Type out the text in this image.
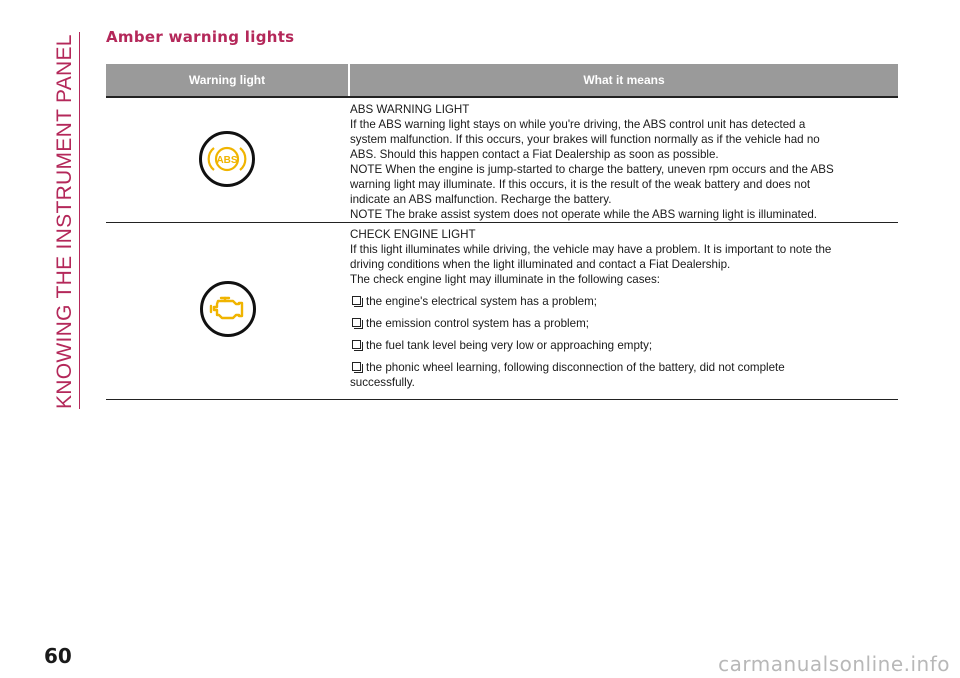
KNOWING THE INSTRUMENT PANEL Amber warning lights
Warning light	What it means
ABS
ABS WARNING LIGHT
If the ABS warning light stays on while you're driving, the ABS control unit has detected a
system malfunction. If this occurs, your brakes will function normally as if the vehicle had no
ABS. Should this happen contact a Fiat Dealership as soon as possible.
NOTE When the engine is jump-started to charge the battery, uneven rpm occurs and the ABS
warning light may illuminate. If this occurs, it is the result of the weak battery and does not
indicate an ABS malfunction. Recharge the battery.
NOTE The brake assist system does not operate while the ABS warning light is illuminated.
CHECK ENGINE LIGHT
If this light illuminates while driving, the vehicle may have a problem. It is important to note the
driving conditions when the light illuminated and contact a Fiat Dealership.
The check engine light may illuminate in the following cases:
the engine's electrical system has a problem;
the emission control system has a problem;
the fuel tank level being very low or approaching empty;
the phonic wheel learning, following disconnection of the battery, did not complete
successfully.
60	carmanualsonline.info
